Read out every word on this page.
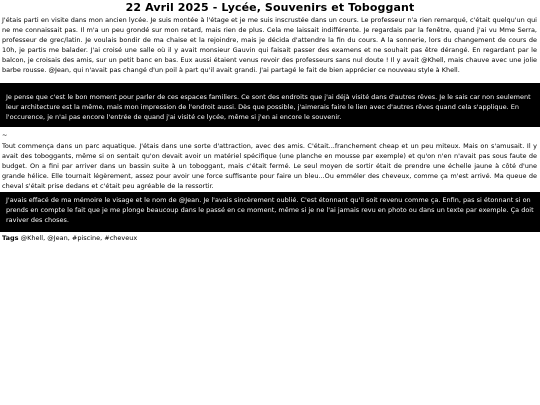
22 Avril 2025 - Lycée, Souvenirs et Toboggant

J'étais parti en visite dans mon ancien lycée. Je suis montée à l'étage et je me suis inscrustée dans un cours. Le professeur n'a rien remarqué, c'était quelqu'un qui ne me connaissait pas. Il m'a un peu grondé sur mon retard, mais rien de plus. Cela me laissait indifférente. Je regardais par la fenêtre, quand j'ai vu Mme Serra, professeur de grec/latin. Je voulais bondir de ma chaise et la rejoindre, mais je décida d'attendre la fin du cours. A la sonnerie, lors du changement de cours de 10h, je partis me balader. J'ai croisé une salle où il y avait monsieur Gauvin qui faisait passer des examens et ne souhait pas être dérangé. En regardant par le balcon, je croisais des amis, sur un petit banc en bas. Eux aussi étaient venus revoir des professeurs sans nul doute ! Il y avait @Khell, mais chauve avec une jolie barbe rousse. @Jean, qui n'avait pas changé d'un poil à part qu'il avait grandi. J'ai partagé le fait de bien apprécier ce nouveau style à Khell.

Je pense que c'est le bon moment pour parler de ces espaces familiers. Ce sont des endroits que j'ai déjà visité dans d'autres rêves. Je le sais car non seulement leur architecture est la même, mais mon impression de l'endroit aussi. Dès que possible, j'aimerais faire le lien avec d'autres rêves quand cela s'applique. En l'occurence, je n'ai pas encore l'entrée de quand j'ai visité ce lycée, même si j'en ai encore le souvenir.
~

Tout commença dans un parc aquatique. J'étais dans une sorte d'attraction, avec des amis. C'était...franchement cheap et un peu miteux. Mais on s'amusait. Il y avait des toboggants, même si on sentait qu'on devait avoir un matériel spécifique (une planche en mousse par exemple) et qu'on n'en n'avait pas sous faute de budget. On a fini par arriver dans un bassin suite à un toboggant, mais c'était fermé. Le seul moyen de sortir était de prendre une échelle jaune à côté d'une grande hélice. Elle tournait légèrement, assez pour avoir une force suffisante pour faire un bleu...Ou emméler des cheveux, comme ça m'est arrivé. Ma queue de cheval s'était prise dedans et c'était peu agréable de la ressortir.

J'avais effacé de ma mémoire le visage et le nom de @Jean. Je l'avais sincèrement oublié. C'est étonnant qu'il soit revenu comme ça. Enfin, pas si étonnant si on prends en compte le fait que je me plonge beaucoup dans le passé en ce moment, même si je ne l'ai jamais revu en photo ou dans un texte par exemple. Ça doit raviver des choses.
Tags @Khell, @Jean, #piscine, #cheveux
